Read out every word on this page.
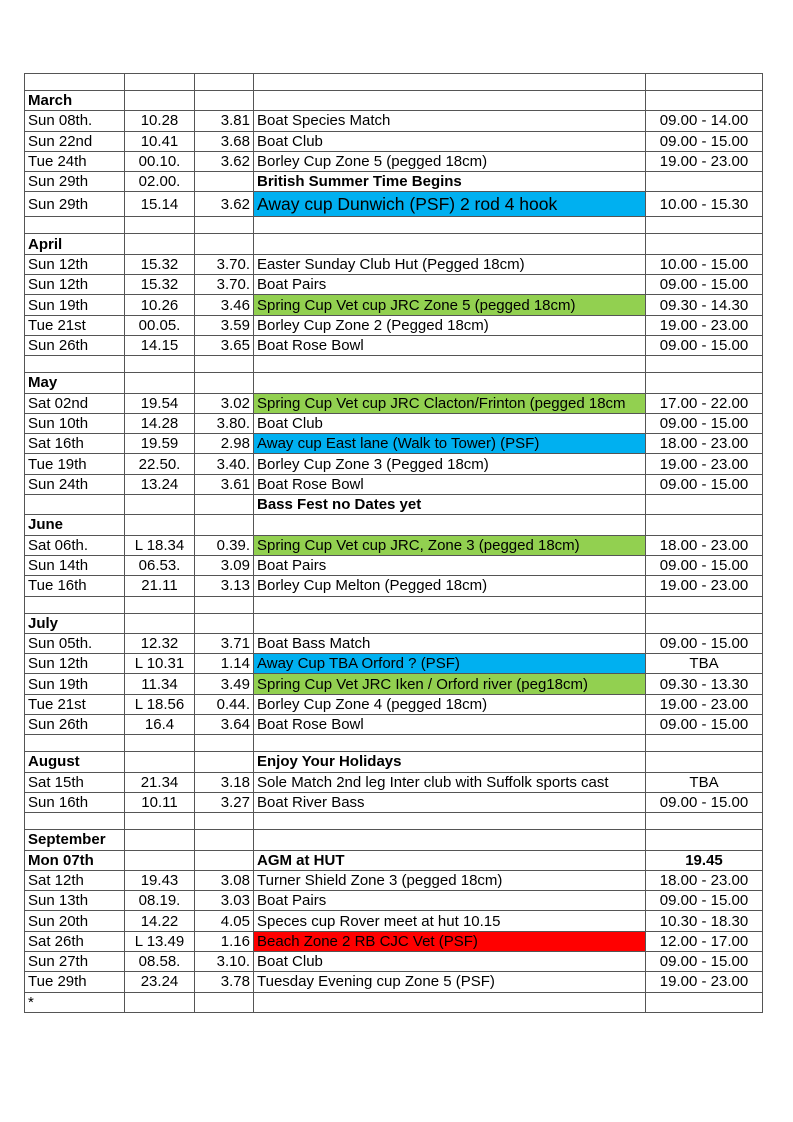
March				
Sun 08th.	10.28	3.81	Boat Species Match	09.00 - 14.00
Sun 22nd	10.41	3.68	Boat Club	09.00 - 15.00
Tue 24th	00.10.	3.62	Borley Cup Zone 5 (pegged 18cm)	19.00 - 23.00
Sun 29th	02.00.		British Summer Time Begins	
Sun 29th	15.14	3.62	Away cup Dunwich (PSF) 2 rod 4 hook	10.00 - 15.30

April				
Sun 12th	15.32	3.70.	Easter Sunday Club Hut (Pegged 18cm)	10.00 - 15.00
Sun 12th	15.32	3.70.	Boat Pairs	09.00 - 15.00
Sun 19th	10.26	3.46	Spring Cup Vet cup JRC Zone 5 (pegged 18cm)	09.30 - 14.30
Tue 21st	00.05.	3.59	Borley Cup Zone 2 (Pegged 18cm)	19.00 - 23.00
Sun 26th	14.15	3.65	Boat Rose Bowl	09.00 - 15.00

May				
Sat 02nd	19.54	3.02	Spring Cup Vet cup JRC Clacton/Frinton (pegged 18cm	17.00 - 22.00
Sun 10th	14.28	3.80.	Boat Club	09.00 - 15.00
Sat 16th	19.59	2.98	Away cup East lane (Walk to Tower) (PSF)	18.00 - 23.00
Tue 19th	22.50.	3.40.	Borley Cup Zone 3 (Pegged 18cm)	19.00 - 23.00
Sun 24th	13.24	3.61	Boat Rose Bowl	09.00 - 15.00
			Bass Fest no Dates yet	
June				
Sat 06th.	L 18.34	0.39.	Spring Cup Vet cup JRC, Zone 3 (pegged 18cm)	18.00 - 23.00
Sun 14th	06.53.	3.09	Boat Pairs	09.00 - 15.00
Tue 16th	21.11	3.13	Borley Cup Melton (Pegged 18cm)	19.00 - 23.00

July				
Sun 05th.	12.32	3.71	Boat Bass Match	09.00 - 15.00
Sun 12th	L 10.31	1.14	Away Cup TBA Orford ? (PSF)	TBA
Sun 19th	11.34	3.49	Spring Cup Vet JRC Iken / Orford river (peg18cm)	09.30 - 13.30
Tue 21st	L 18.56	0.44.	Borley Cup Zone 4 (pegged 18cm)	19.00 - 23.00
Sun 26th	16.4	3.64	Boat Rose Bowl	09.00 - 15.00

August			Enjoy Your Holidays	
Sat 15th	21.34	3.18	Sole Match 2nd leg Inter club with Suffolk sports cast	TBA
Sun 16th	10.11	3.27	Boat River Bass	09.00 - 15.00

September				
Mon 07th			AGM at HUT	19.45
Sat 12th	19.43	3.08	Turner Shield Zone 3 (pegged 18cm)	18.00 - 23.00
Sun 13th	08.19.	3.03	Boat Pairs	09.00 - 15.00
Sun 20th	14.22	4.05	Speces cup Rover meet at hut 10.15	10.30 - 18.30
Sat 26th	L 13.49	1.16	Beach Zone 2 RB CJC Vet (PSF)	12.00 - 17.00
Sun 27th	08.58.	3.10.	Boat Club	09.00 - 15.00
Tue 29th	23.24	3.78	Tuesday Evening cup Zone 5 (PSF)	19.00 - 23.00
*				
